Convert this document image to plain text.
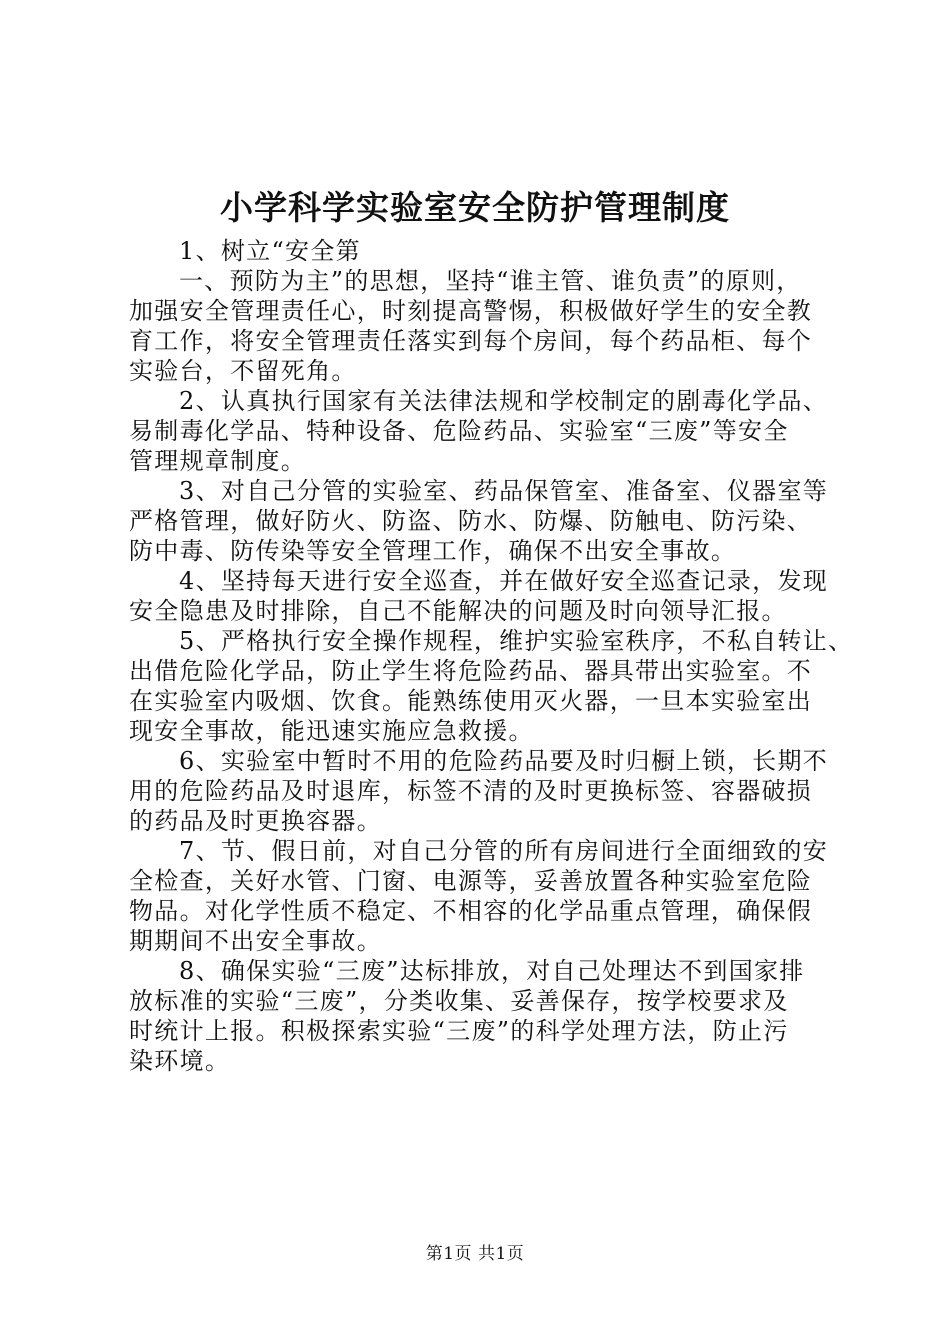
小学科学实验室安全防护管理制度
1、树立“安全第
一、预防为主”的思想，坚持“谁主管、谁负责”的原则，
加强安全管理责任心，时刻提高警惕，积极做好学生的安全教
育工作，将安全管理责任落实到每个房间，每个药品柜、每个
实验台，不留死角。
2、认真执行国家有关法律法规和学校制定的剧毒化学品、
易制毒化学品、特种设备、危险药品、实验室“三废”等安全
管理规章制度。
3、对自己分管的实验室、药品保管室、准备室、仪器室等
严格管理，做好防火、防盗、防水、防爆、防触电、防污染、
防中毒、防传染等安全管理工作，确保不出安全事故。
4、坚持每天进行安全巡查，并在做好安全巡查记录，发现
安全隐患及时排除，自己不能解决的问题及时向领导汇报。
5、严格执行安全操作规程，维护实验室秩序，不私自转让、
出借危险化学品，防止学生将危险药品、器具带出实验室。不
在实验室内吸烟、饮食。能熟练使用灭火器，一旦本实验室出
现安全事故，能迅速实施应急救援。
6、实验室中暂时不用的危险药品要及时归橱上锁，长期不
用的危险药品及时退库，标签不清的及时更换标签、容器破损
的药品及时更换容器。
7、节、假日前，对自己分管的所有房间进行全面细致的安
全检查，关好水管、门窗、电源等，妥善放置各种实验室危险
物品。对化学性质不稳定、不相容的化学品重点管理，确保假
期期间不出安全事故。
8、确保实验“三废”达标排放，对自己处理达不到国家排
放标准的实验“三废”，分类收集、妥善保存，按学校要求及
时统计上报。积极探索实验“三废”的科学处理方法，防止污
染环境。
第1页 共1页
